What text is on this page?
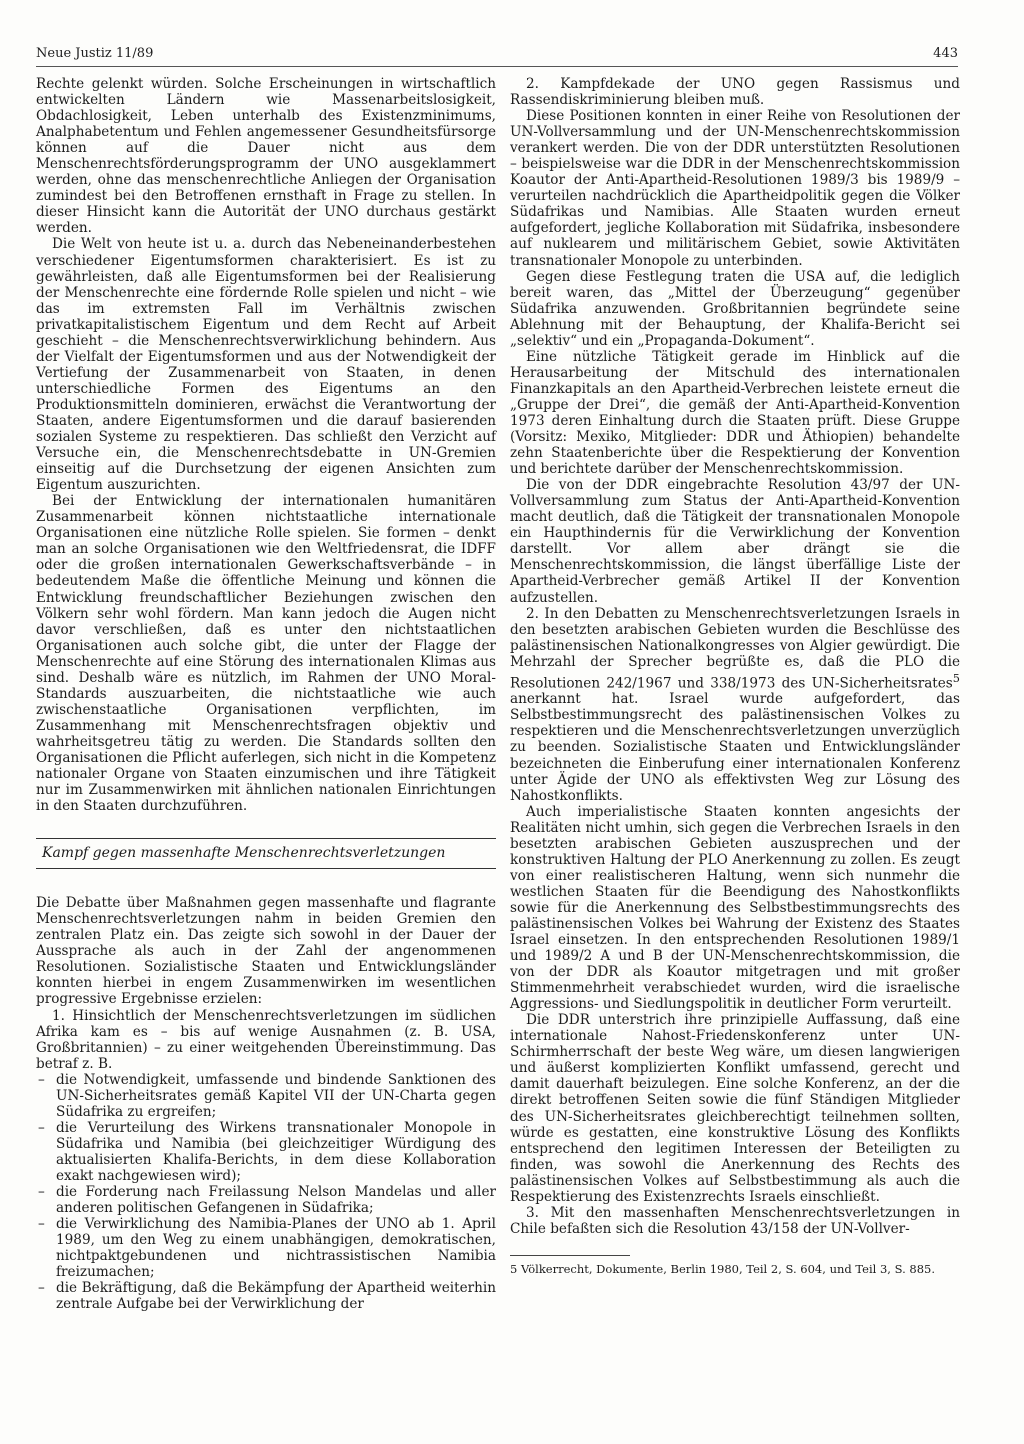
Neue Justiz 11/89	443

Rechte gelenkt würden. Solche Erscheinungen in wirtschaftlich entwickelten Ländern wie Massenarbeitslosigkeit, Obdachlosigkeit, Leben unterhalb des Existenzminimums, Analphabetentum und Fehlen angemessener Gesundheitsfürsorge können auf die Dauer nicht aus dem Menschenrechtsförderungsprogramm der UNO ausgeklammert werden, ohne das menschenrechtliche Anliegen der Organisation zumindest bei den Betroffenen ernsthaft in Frage zu stellen. In dieser Hinsicht kann die Autorität der UNO durchaus gestärkt werden.

Die Welt von heute ist u. a. durch das Nebeneinanderbestehen verschiedener Eigentumsformen charakterisiert. Es ist zu gewährleisten, daß alle Eigentumsformen bei der Realisierung der Menschenrechte eine fördernde Rolle spielen und nicht – wie das im extremsten Fall im Verhältnis zwischen privatkapitalistischem Eigentum und dem Recht auf Arbeit geschieht – die Menschenrechtsverwirklichung behindern. Aus der Vielfalt der Eigentumsformen und aus der Notwendigkeit der Vertiefung der Zusammenarbeit von Staaten, in denen unterschiedliche Formen des Eigentums an den Produktionsmitteln dominieren, erwächst die Verantwortung der Staaten, andere Eigentumsformen und die darauf basierenden sozialen Systeme zu respektieren. Das schließt den Verzicht auf Versuche ein, die Menschenrechtsdebatte in UN-Gremien einseitig auf die Durchsetzung der eigenen Ansichten zum Eigentum auszurichten.

Bei der Entwicklung der internationalen humanitären Zusammenarbeit können nichtstaatliche internationale Organisationen eine nützliche Rolle spielen. Sie formen – denkt man an solche Organisationen wie den Weltfriedensrat, die IDFF oder die großen internationalen Gewerkschaftsverbände – in bedeutendem Maße die öffentliche Meinung und können die Entwicklung freundschaftlicher Beziehungen zwischen den Völkern sehr wohl fördern. Man kann jedoch die Augen nicht davor verschließen, daß es unter den nichtstaatlichen Organisationen auch solche gibt, die unter der Flagge der Menschenrechte auf eine Störung des internationalen Klimas aus sind. Deshalb wäre es nützlich, im Rahmen der UNO Moral-Standards auszuarbeiten, die nichtstaatliche wie auch zwischenstaatliche Organisationen verpflichten, im Zusammenhang mit Menschenrechtsfragen objektiv und wahrheitsgetreu tätig zu werden. Die Standards sollten den Organisationen die Pflicht auferlegen, sich nicht in die Kompetenz nationaler Organe von Staaten einzumischen und ihre Tätigkeit nur im Zusammenwirken mit ähnlichen nationalen Einrichtungen in den Staaten durchzuführen.

Kampf gegen massenhafte Menschenrechtsverletzungen

Die Debatte über Maßnahmen gegen massenhafte und flagrante Menschenrechtsverletzungen nahm in beiden Gremien den zentralen Platz ein. Das zeigte sich sowohl in der Dauer der Aussprache als auch in der Zahl der angenommenen Resolutionen. Sozialistische Staaten und Entwicklungsländer konnten hierbei in engem Zusammenwirken im wesentlichen progressive Ergebnisse erzielen:

1. Hinsichtlich der Menschenrechtsverletzungen im südlichen Afrika kam es – bis auf wenige Ausnahmen (z. B. USA, Großbritannien) – zu einer weitgehenden Übereinstimmung. Das betraf z. B.

– die Notwendigkeit, umfassende und bindende Sanktionen des UN-Sicherheitsrates gemäß Kapitel VII der UN-Charta gegen Südafrika zu ergreifen;
– die Verurteilung des Wirkens transnationaler Monopole in Südafrika und Namibia (bei gleichzeitiger Würdigung des aktualisierten Khalifa-Berichts, in dem diese Kollaboration exakt nachgewiesen wird);
– die Forderung nach Freilassung Nelson Mandelas und aller anderen politischen Gefangenen in Südafrika;
– die Verwirklichung des Namibia-Planes der UNO ab 1. April 1989, um den Weg zu einem unabhängigen, demokratischen, nichtpaktgebundenen und nichtrassistischen Namibia freizumachen;
– die Bekräftigung, daß die Bekämpfung der Apartheid weiterhin zentrale Aufgabe bei der Verwirklichung der

2. Kampfdekade der UNO gegen Rassismus und Rassendiskriminierung bleiben muß.

Diese Positionen konnten in einer Reihe von Resolutionen der UN-Vollversammlung und der UN-Menschenrechtskommission verankert werden. Die von der DDR unterstützten Resolutionen – beispielsweise war die DDR in der Menschenrechtskommission Koautor der Anti-Apartheid-Resolutionen 1989/3 bis 1989/9 – verurteilen nachdrücklich die Apartheidpolitik gegen die Völker Südafrikas und Namibias. Alle Staaten wurden erneut aufgefordert, jegliche Kollaboration mit Südafrika, insbesondere auf nuklearem und militärischem Gebiet, sowie Aktivitäten transnationaler Monopole zu unterbinden.

Gegen diese Festlegung traten die USA auf, die lediglich bereit waren, das „Mittel der Überzeugung“ gegenüber Südafrika anzuwenden. Großbritannien begründete seine Ablehnung mit der Behauptung, der Khalifa-Bericht sei „selektiv“ und ein „Propaganda-Dokument“.

Eine nützliche Tätigkeit gerade im Hinblick auf die Herausarbeitung der Mitschuld des internationalen Finanzkapitals an den Apartheid-Verbrechen leistete erneut die „Gruppe der Drei“, die gemäß der Anti-Apartheid-Konvention 1973 deren Einhaltung durch die Staaten prüft. Diese Gruppe (Vorsitz: Mexiko, Mitglieder: DDR und Äthiopien) behandelte zehn Staatenberichte über die Respektierung der Konvention und berichtete darüber der Menschenrechtskommission.

Die von der DDR eingebrachte Resolution 43/97 der UN-Vollversammlung zum Status der Anti-Apartheid-Konvention macht deutlich, daß die Tätigkeit der transnationalen Monopole ein Haupthindernis für die Verwirklichung der Konvention darstellt. Vor allem aber drängt sie die Menschenrechtskommission, die längst überfällige Liste der Apartheid-Verbrecher gemäß Artikel II der Konvention aufzustellen.

2. In den Debatten zu Menschenrechtsverletzungen Israels in den besetzten arabischen Gebieten wurden die Beschlüsse des palästinensischen Nationalkongresses von Algier gewürdigt. Die Mehrzahl der Sprecher begrüßte es, daß die PLO die Resolutionen 242/1967 und 338/1973 des UN-Sicherheitsrates$^5$ anerkannt hat. Israel wurde aufgefordert, das Selbstbestimmungsrecht des palästinensischen Volkes zu respektieren und die Menschenrechtsverletzungen unverzüglich zu beenden. Sozialistische Staaten und Entwicklungsländer bezeichneten die Einberufung einer internationalen Konferenz unter Ägide der UNO als effektivsten Weg zur Lösung des Nahostkonflikts.

Auch imperialistische Staaten konnten angesichts der Realitäten nicht umhin, sich gegen die Verbrechen Israels in den besetzten arabischen Gebieten auszusprechen und der konstruktiven Haltung der PLO Anerkennung zu zollen. Es zeugt von einer realistischeren Haltung, wenn sich nunmehr die westlichen Staaten für die Beendigung des Nahostkonflikts sowie für die Anerkennung des Selbstbestimmungsrechts des palästinensischen Volkes bei Wahrung der Existenz des Staates Israel einsetzen. In den entsprechenden Resolutionen 1989/1 und 1989/2 A und B der UN-Menschenrechtskommission, die von der DDR als Koautor mitgetragen und mit großer Stimmenmehrheit verabschiedet wurden, wird die israelische Aggressions- und Siedlungspolitik in deutlicher Form verurteilt.

Die DDR unterstrich ihre prinzipielle Auffassung, daß eine internationale Nahost-Friedenskonferenz unter UN-Schirmherrschaft der beste Weg wäre, um diesen langwierigen und äußerst komplizierten Konflikt umfassend, gerecht und damit dauerhaft beizulegen. Eine solche Konferenz, an der die direkt betroffenen Seiten sowie die fünf Ständigen Mitglieder des UN-Sicherheitsrates gleichberechtigt teilnehmen sollten, würde es gestatten, eine konstruktive Lösung des Konflikts entsprechend den legitimen Interessen der Beteiligten zu finden, was sowohl die Anerkennung des Rechts des palästinensischen Volkes auf Selbstbestimmung als auch die Respektierung des Existenzrechts Israels einschließt.

3. Mit den massenhaften Menschenrechtsverletzungen in Chile befaßten sich die Resolution 43/158 der UN-Vollver-

5 Völkerrecht, Dokumente, Berlin 1980, Teil 2, S. 604, und Teil 3, S. 885.
